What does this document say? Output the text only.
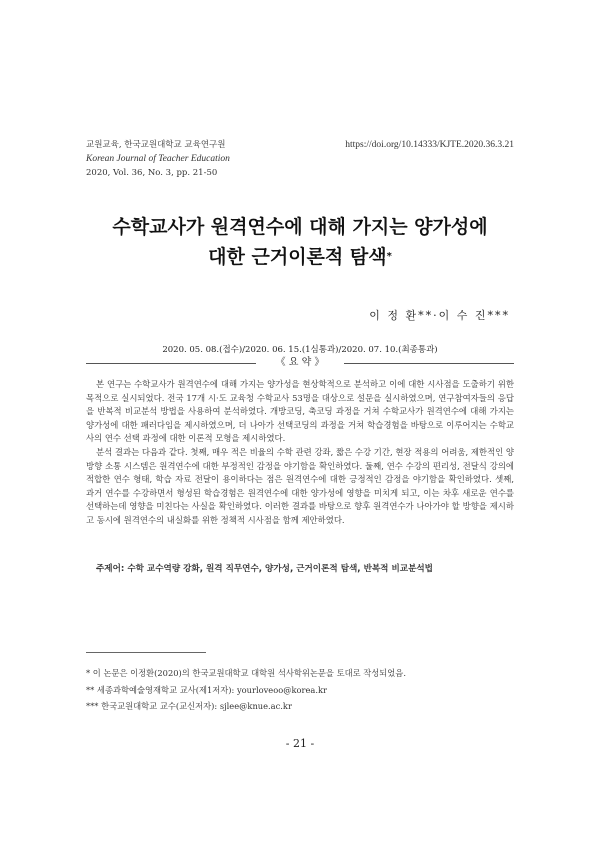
교원교육, 한국교원대학교 교육연구원
Korean Journal of Teacher Education
2020, Vol. 36, No. 3, pp. 21-50
https://doi.org/10.14333/KJTE.2020.36.3.21
수학교사가 원격연수에 대해 가지는 양가성에
대한 근거이론적 탐색*
이 정 환**·이 수 진***
2020. 05. 08.(접수)/2020. 06. 15.(1심통과)/2020. 07. 10.(최종통과)
《 요 약 》

본 연구는 수학교사가 원격연수에 대해 가지는 양가성을 현상학적으로 분석하고 이에 대한 시사점을 도출하기 위한 목적으로 실시되었다. 전국 17개 시·도 교육청 수학교사 53명을 대상으로 설문을 실시하였으며, 연구참여자들의 응답을 반복적 비교분석 방법을 사용하여 분석하였다. 개방코딩, 축코딩 과정을 거쳐 수학교사가 원격연수에 대해 가지는 양가성에 대한 패러다임을 제시하였으며, 더 나아가 선택코딩의 과정을 거쳐 학습경험을 바탕으로 이루어지는 수학교사의 연수 선택 과정에 대한 이론적 모형을 제시하였다.

분석 결과는 다음과 같다. 첫째, 매우 적은 비율의 수학 관련 강좌, 짧은 수강 기간, 현장 적용의 어려움, 제한적인 양방향 소통 시스템은 원격연수에 대한 부정적인 감정을 야기함을 확인하였다. 둘째, 연수 수강의 편리성, 전달식 강의에 적합한 연수 형태, 학습 자료 전달이 용이하다는 점은 원격연수에 대한 긍정적인 감정을 야기함을 확인하였다. 셋째, 과거 연수를 수강하면서 형성된 학습경험은 원격연수에 대한 양가성에 영향을 미치게 되고, 이는 차후 새로운 연수를 선택하는데 영향을 미친다는 사실을 확인하였다. 이러한 결과를 바탕으로 향후 원격연수가 나아가야 할 방향을 제시하고 동시에 원격연수의 내실화를 위한 정책적 시사점을 함께 제안하였다.

주제어: 수학 교수역량 강화, 원격 직무연수, 양가성, 근거이론적 탐색, 반복적 비교분석법
* 이 논문은 이정환(2020)의 한국교원대학교 대학원 석사학위논문을 토대로 작성되었음.
** 세종과학예술영재학교 교사(제1저자): yourloveoo@korea.kr
*** 한국교원대학교 교수(교신저자): sjlee@knue.ac.kr
- 21 -
